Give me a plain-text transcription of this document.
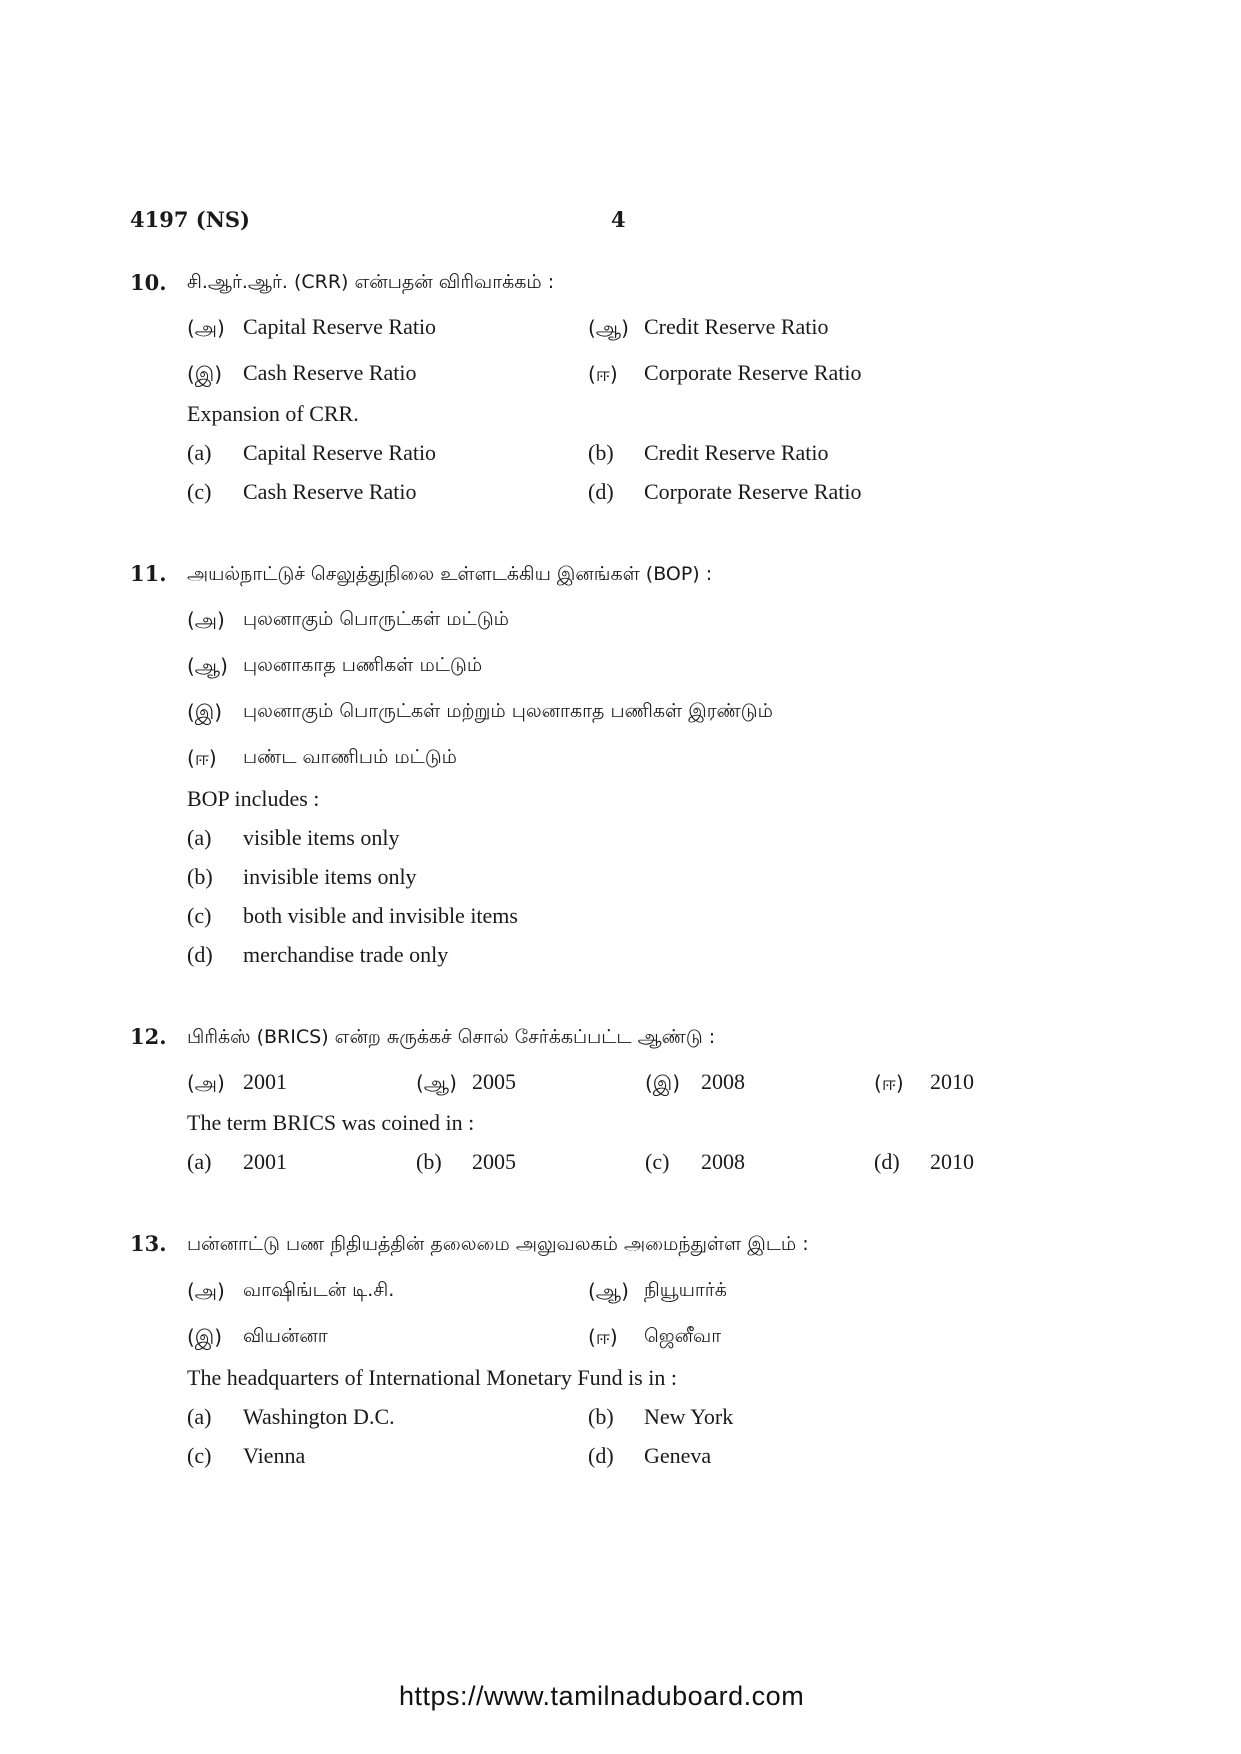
4197 (NS)	4
10. சி.ஆர்.ஆர். (CRR) என்பதன் விரிவாக்கம் :
(அ) Capital Reserve Ratio	(ஆ) Credit Reserve Ratio
(இ) Cash Reserve Ratio	(ஈ) Corporate Reserve Ratio
Expansion of CRR.
(a) Capital Reserve Ratio	(b) Credit Reserve Ratio
(c) Cash Reserve Ratio	(d) Corporate Reserve Ratio
11. அயல்நாட்டுச் செலுத்துநிலை உள்ளடக்கிய இனங்கள் (BOP) :
(அ) புலனாகும் பொருட்கள் மட்டும்
(ஆ) புலனாகாத பணிகள் மட்டும்
(இ) புலனாகும் பொருட்கள் மற்றும் புலனாகாத பணிகள் இரண்டும்
(ஈ) பண்ட வாணிபம் மட்டும்
BOP includes :
(a) visible items only
(b) invisible items only
(c) both visible and invisible items
(d) merchandise trade only
12. பிரிக்ஸ் (BRICS) என்ற சுருக்கச் சொல் சேர்க்கப்பட்ட ஆண்டு :
(அ) 2001	(ஆ) 2005	(இ) 2008	(ஈ) 2010
The term BRICS was coined in :
(a) 2001	(b) 2005	(c) 2008	(d) 2010
13. பன்னாட்டு பண நிதியத்தின் தலைமை அலுவலகம் அமைந்துள்ள இடம் :
(அ) வாஷிங்டன் டி.சி.	(ஆ) நியூயார்க்
(இ) வியன்னா	(ஈ) ஜெனீவா
The headquarters of International Monetary Fund is in :
(a) Washington D.C.	(b) New York
(c) Vienna	(d) Geneva
https://www.tamilnaduboard.com
